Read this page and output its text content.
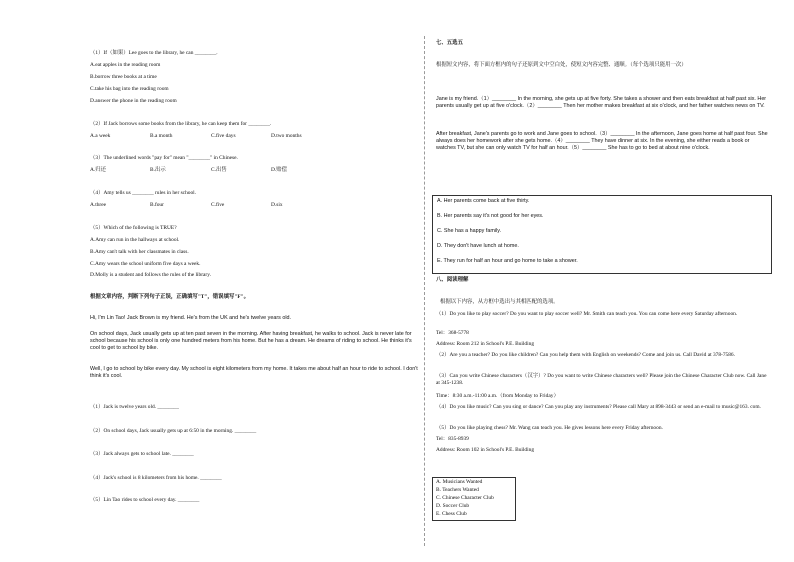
（1）If（如果）Lee goes to the library, he can ________.
A.eat apples in the reading room
B.borrow three books at a time
C.take his bag into the reading room
D.answer the phone in the reading room
（2）If Jack borrows some books from the library, he can keep them for ________.
A.a week	B.a month	C.five days	D.two months
（3）The underlined words "pay for" mean "________" in Chinese.
A.归还	B.出示	C.出售	D.赔偿
（4）Amy tells us ________ rules in her school.
A.three	B.four	C.five	D.six
（5）Which of the following is TRUE?
A.Amy can run in the hallways at school.
B.Amy can't talk with her classmates in class.
C.Amy wears the school uniform five days a week.
D.Molly is a student and follows the rules of the library.
根据文章内容，判断下列句子正误，正确填写"T"，错误填写"F"。
Hi, I'm Lin Tao! Jack Brown is my friend. He's from the UK and he's twelve years old.
On school days, Jack usually gets up at ten past seven in the morning. After having breakfast, he walks to school. Jack is never late for school because his school is only one hundred meters from his home. But he has a dream. He dreams of riding to school. He thinks it's cool to get to school by bike.
Well, I go to school by bike every day. My school is eight kilometers from my home. It takes me about half an hour to ride to school. I don't think it's cool.
（1）Jack is twelve years old. ________
（2）On school days, Jack usually gets up at 6:50 in the morning. ________
（3）Jack always gets to school late. ________
（4）Jack's school is 8 kilometers from his home. ________
（5）Lin Tao rides to school every day. ________
七、五选五
根据短文内容，将下面方框内的句子还原到文中空白处，使短文内容完整、通顺。（每个选项只能用一次）
Jane is my friend.（1）________ In the morning, she gets up at five forty. She takes a shower and then eats breakfast at half past six. Her parents usually get up at five o'clock.（2）________ Then her mother makes breakfast at six o'clock, and her father watches news on TV.
After breakfast, Jane's parents go to work and Jane goes to school.（3）________ In the afternoon, Jane goes home at half past four. She always does her homework after she gets home.（4）________ They have dinner at six. In the evening, she either reads a book or watches TV, but she can only watch TV for half an hour.（5）________ She has to go to bed at about nine o'clock.
A. Her parents come back at five thirty.
B. Her parents say it's not good for her eyes.
C. She has a happy family.
D. They don't have lunch at home.
E. They run for half an hour and go home to take a shower.
八、阅读理解
根据以下内容，从方框中选出与其相匹配的选项。
（1）Do you like to play soccer? Do you want to play soccer well? Mr. Smith can teach you. You can come here every Saturday afternoon.
Tel：368-5778
Address: Room 212 in School's P.E. Building
（2）Are you a teacher? Do you like children? Can you help them with English on weekends? Come and join us. Call David at 378-7586.
（3）Can you write Chinese characters（汉字）? Do you want to write Chinese characters well? Please join the Chinese Character Club now. Call Jane at 345-1238.
Time：8:30 a.m.-11:00 a.m.（from Monday to Friday）
（4）Do you like music? Can you sing or dance? Can you play any instruments? Please call Mary at 898-3443 or send an e-mail to music@163. com.
（5）Do you like playing chess? Mr. Wang can teach you. He gives lessons here every Friday afternoon.
Tel：835-8939
Address: Room 102 in School's P.E. Building
A. Musicians Wanted
B. Teachers Wanted
C. Chinese Character Club
D. Soccer Club
E. Chess Club
